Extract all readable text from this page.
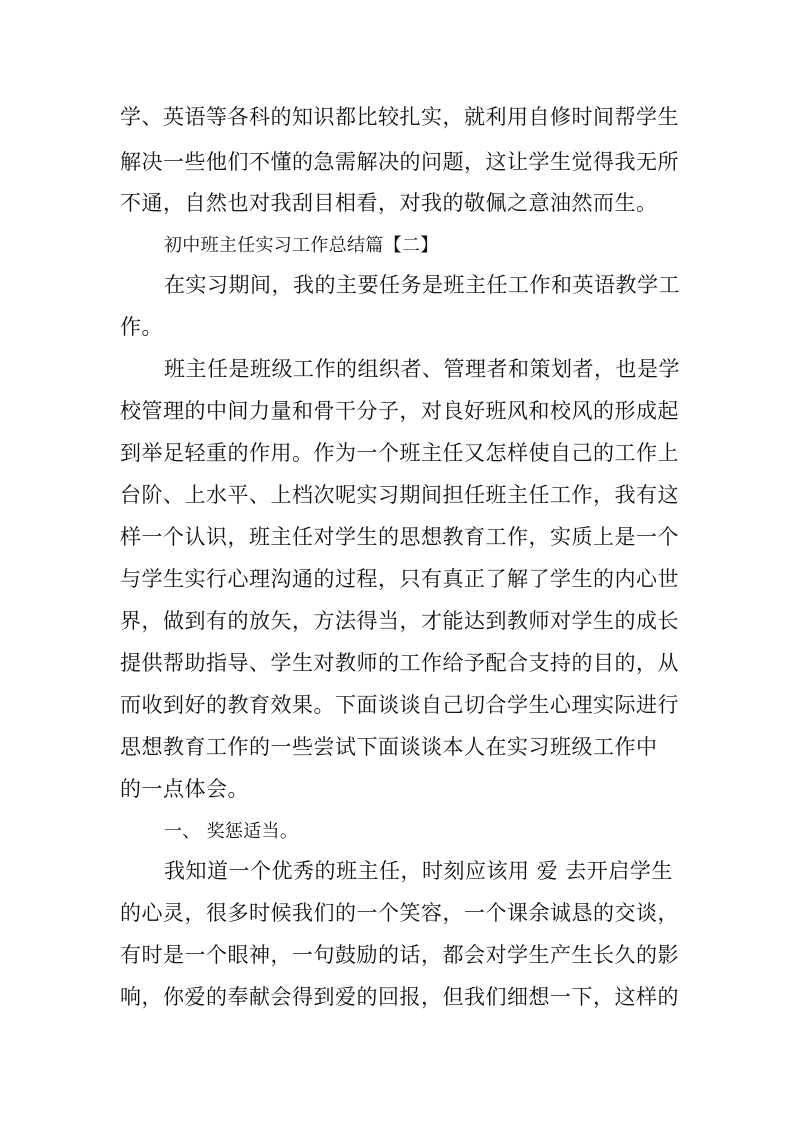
学、英语等各科的知识都比较扎实，就利用自修时间帮学生
解决一些他们不懂的急需解决的问题，这让学生觉得我无所
不通，自然也对我刮目相看，对我的敬佩之意油然而生。
初中班主任实习工作总结篇【二】
在实习期间，我的主要任务是班主任工作和英语教学工
作。
班主任是班级工作的组织者、管理者和策划者，也是学
校管理的中间力量和骨干分子，对良好班风和校风的形成起
到举足轻重的作用。作为一个班主任又怎样使自己的工作上
台阶、上水平、上档次呢实习期间担任班主任工作，我有这
样一个认识，班主任对学生的思想教育工作，实质上是一个
与学生实行心理沟通的过程，只有真正了解了学生的内心世
界，做到有的放矢，方法得当，才能达到教师对学生的成长
提供帮助指导、学生对教师的工作给予配合支持的目的，从
而收到好的教育效果。下面谈谈自己切合学生心理实际进行
思想教育工作的一些尝试下面谈谈本人在实习班级工作中
的一点体会。
一、 奖惩适当。
我知道一个优秀的班主任，时刻应该用 爱 去开启学生
的心灵，很多时候我们的一个笑容，一个课余诚恳的交谈，
有时是一个眼神，一句鼓励的话，都会对学生产生长久的影
响，你爱的奉献会得到爱的回报，但我们细想一下，这样的
